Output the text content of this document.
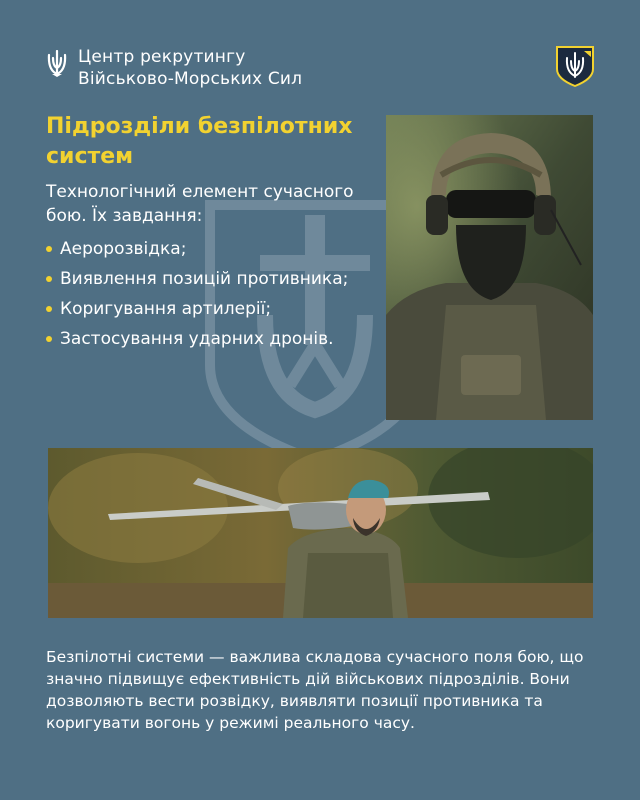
Центр рекрутингу
Військово-Морських Сил
Підрозділи безпілотних систем
Технологічний елемент сучасного бою. Їх завдання:
Аеророзвідка;
Виявлення позицій противника;
Коригування артилерії;
Застосування ударних дронів.

Безпілотні системи — важлива складова сучасного поля бою, що значно підвищує ефективність дій військових підрозділів. Вони дозволяють вести розвідку, виявляти позиції противника та коригувати вогонь у режимі реального часу.
